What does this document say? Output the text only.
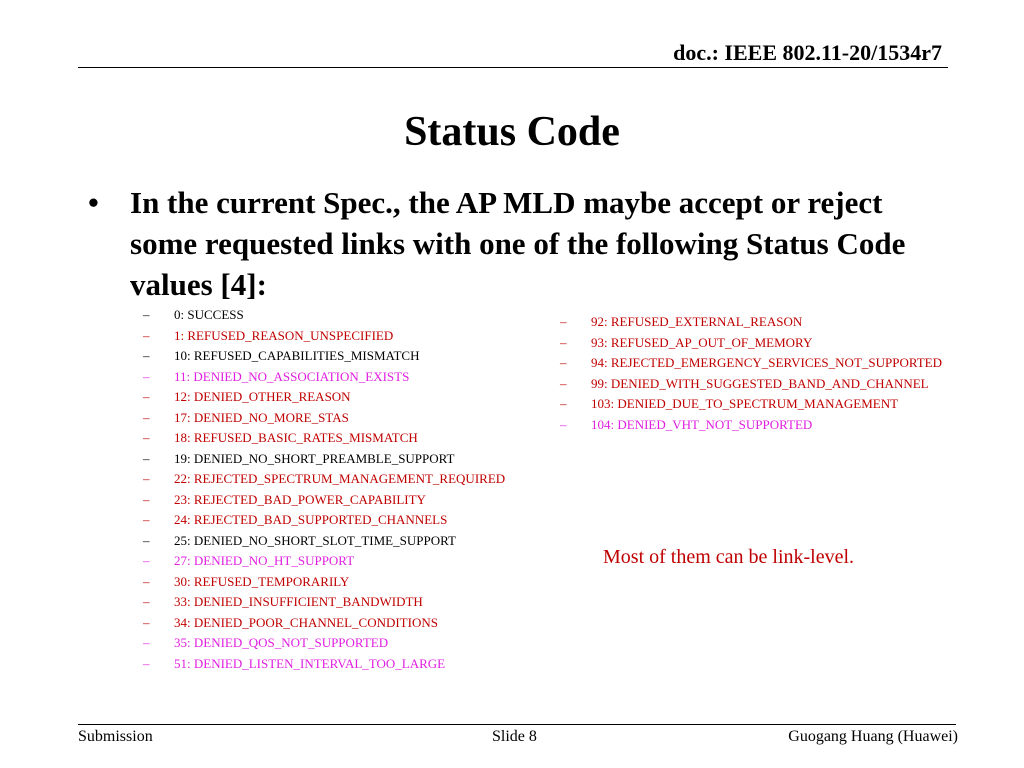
doc.: IEEE 802.11-20/1534r7

Status Code
• In the current Spec., the AP MLD maybe accept or reject some requested links with one of the following Status Code values [4]:
– 0: SUCCESS
– 1: REFUSED_REASON_UNSPECIFIED
– 10: REFUSED_CAPABILITIES_MISMATCH
– 11: DENIED_NO_ASSOCIATION_EXISTS
– 12: DENIED_OTHER_REASON
– 17: DENIED_NO_MORE_STAS
– 18: REFUSED_BASIC_RATES_MISMATCH
– 19: DENIED_NO_SHORT_PREAMBLE_SUPPORT
– 22: REJECTED_SPECTRUM_MANAGEMENT_REQUIRED
– 23: REJECTED_BAD_POWER_CAPABILITY
– 24: REJECTED_BAD_SUPPORTED_CHANNELS
– 25: DENIED_NO_SHORT_SLOT_TIME_SUPPORT
– 27: DENIED_NO_HT_SUPPORT
– 30: REFUSED_TEMPORARILY
– 33: DENIED_INSUFFICIENT_BANDWIDTH
– 34: DENIED_POOR_CHANNEL_CONDITIONS
– 35: DENIED_QOS_NOT_SUPPORTED
– 51: DENIED_LISTEN_INTERVAL_TOO_LARGE
– 92: REFUSED_EXTERNAL_REASON
– 93: REFUSED_AP_OUT_OF_MEMORY
– 94: REJECTED_EMERGENCY_SERVICES_NOT_SUPPORTED
– 99: DENIED_WITH_SUGGESTED_BAND_AND_CHANNEL
– 103: DENIED_DUE_TO_SPECTRUM_MANAGEMENT
– 104: DENIED_VHT_NOT_SUPPORTED

Most of them can be link-level.

Submission	Slide 8	Guogang Huang (Huawei)
